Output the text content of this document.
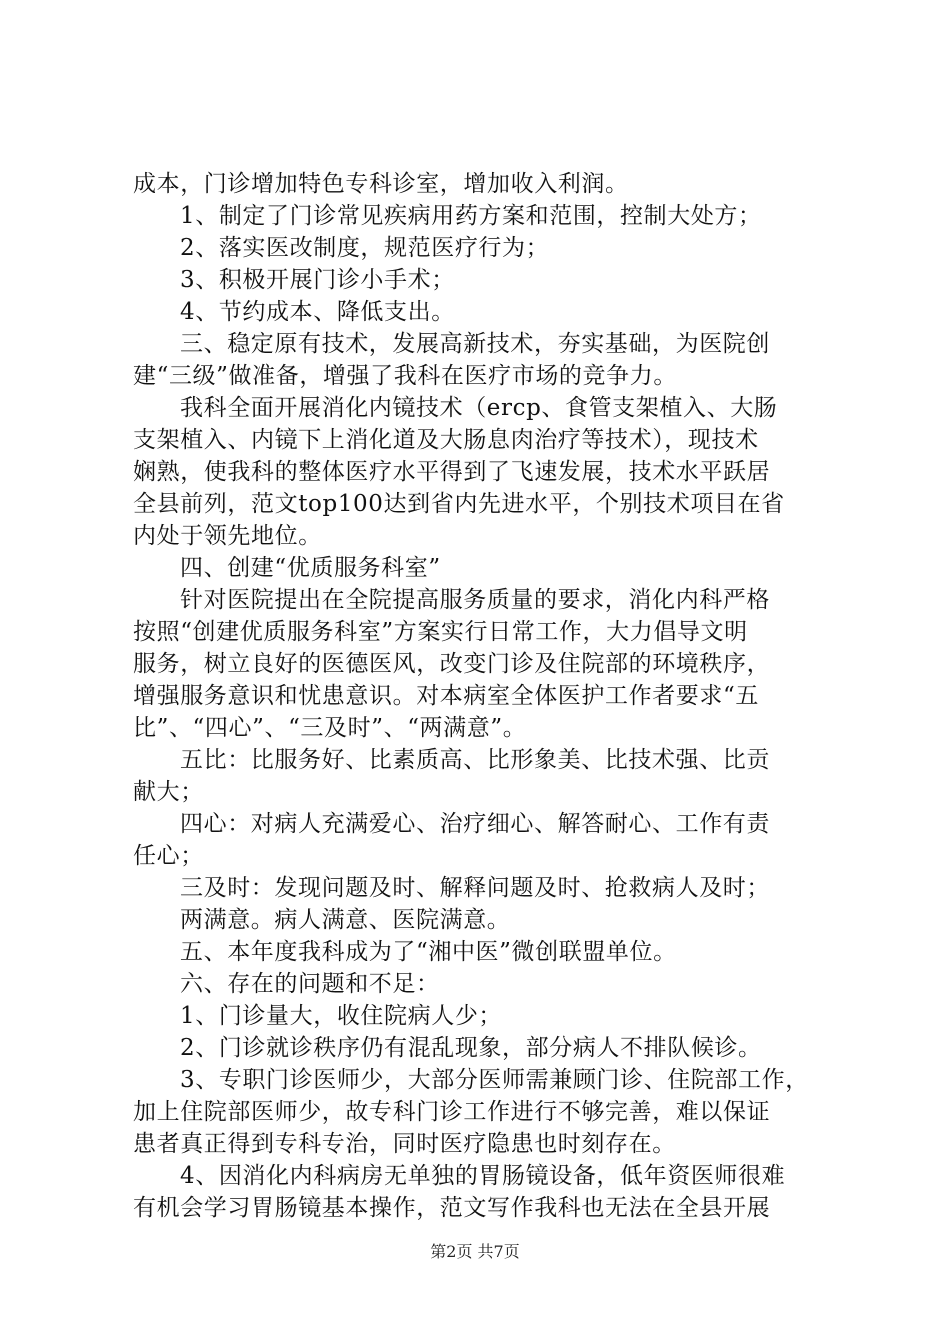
成本，门诊增加特色专科诊室，增加收入利润。
1、制定了门诊常见疾病用药方案和范围，控制大处方；
2、落实医改制度，规范医疗行为；
3、积极开展门诊小手术；
4、节约成本、降低支出。
三、稳定原有技术，发展高新技术，夯实基础，为医院创
建“三级”做准备，增强了我科在医疗市场的竞争力。
我科全面开展消化内镜技术（ercp、食管支架植入、大肠
支架植入、内镜下上消化道及大肠息肉治疗等技术），现技术
娴熟，使我科的整体医疗水平得到了飞速发展，技术水平跃居
全县前列，范文top100达到省内先进水平，个别技术项目在省
内处于领先地位。
四、创建“优质服务科室”
针对医院提出在全院提高服务质量的要求，消化内科严格
按照“创建优质服务科室”方案实行日常工作，大力倡导文明
服务，树立良好的医德医风，改变门诊及住院部的环境秩序，
增强服务意识和忧患意识。对本病室全体医护工作者要求“五
比”、“四心”、“三及时”、“两满意”。
五比：比服务好、比素质高、比形象美、比技术强、比贡
献大；
四心：对病人充满爱心、治疗细心、解答耐心、工作有责
任心；
三及时：发现问题及时、解释问题及时、抢救病人及时；
两满意。病人满意、医院满意。
五、本年度我科成为了“湘中医”微创联盟单位。
六、存在的问题和不足：
1、门诊量大，收住院病人少；
2、门诊就诊秩序仍有混乱现象，部分病人不排队候诊。
3、专职门诊医师少，大部分医师需兼顾门诊、住院部工作，
加上住院部医师少，故专科门诊工作进行不够完善，难以保证
患者真正得到专科专治，同时医疗隐患也时刻存在。
4、因消化内科病房无单独的胃肠镜设备，低年资医师很难
有机会学习胃肠镜基本操作，范文写作我科也无法在全县开展
第2页 共7页
